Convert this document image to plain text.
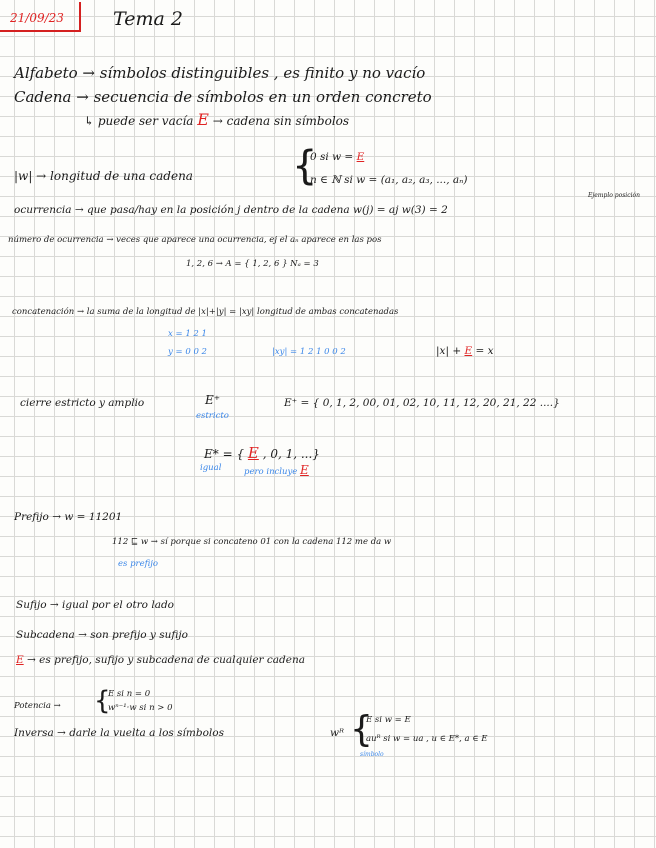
21/09/23	Tema 2
Alfabeto → símbolos distinguibles , es finito y no vacío
Cadena → secuencia de símbolos en un orden concreto
↳ puede ser vacía E → cadena sin símbolos
|w| → longitud de una cadena {
0 si w = E
n ∈ ℕ si w = (a₁, a₂, a₃, ..., aₙ)
Ejemplo posición
ocurrencia → que pasa/hay en la posición j dentro de la cadena w(j) = aj w(3) = 2
número de ocurrencia → veces que aparece una ocurrencia, ej el aₙ aparece en las pos
1, 2, 6 → A = { 1, 2, 6 } Nₐ = 3
concatenación → la suma de la longitud de |x|+|y| = |xy| longitud de ambas concatenadas
x = 1 2 1
y = 0 0 2	|xy| = 1 2 1 0 0 2	|x| + E = x
cierre estricto y amplio	E⁺
estricto
E⁺ = { 0, 1, 2, 00, 01, 02, 10, 11, 12, 20, 21, 22 ....}
E* = { E , 0, 1, ...}
igual	pero incluye E
Prefijo → w = 11201
112 ⊑ w → sí porque si concateno 01 con la cadena 112 me da w
es prefijo
Sufijo → igual por el otro lado
Subcadena → son prefijo y sufijo
E → es prefijo, sufijo y subcadena de cualquier cadena
Potencia → {
E si n = 0
wⁿ⁻¹·w si n > 0
Inversa → darle la vuelta a los símbolos	wᴿ {
E si w = E
auᴿ si w = ua , u ∈ E*, a ∈ E
símbolo
